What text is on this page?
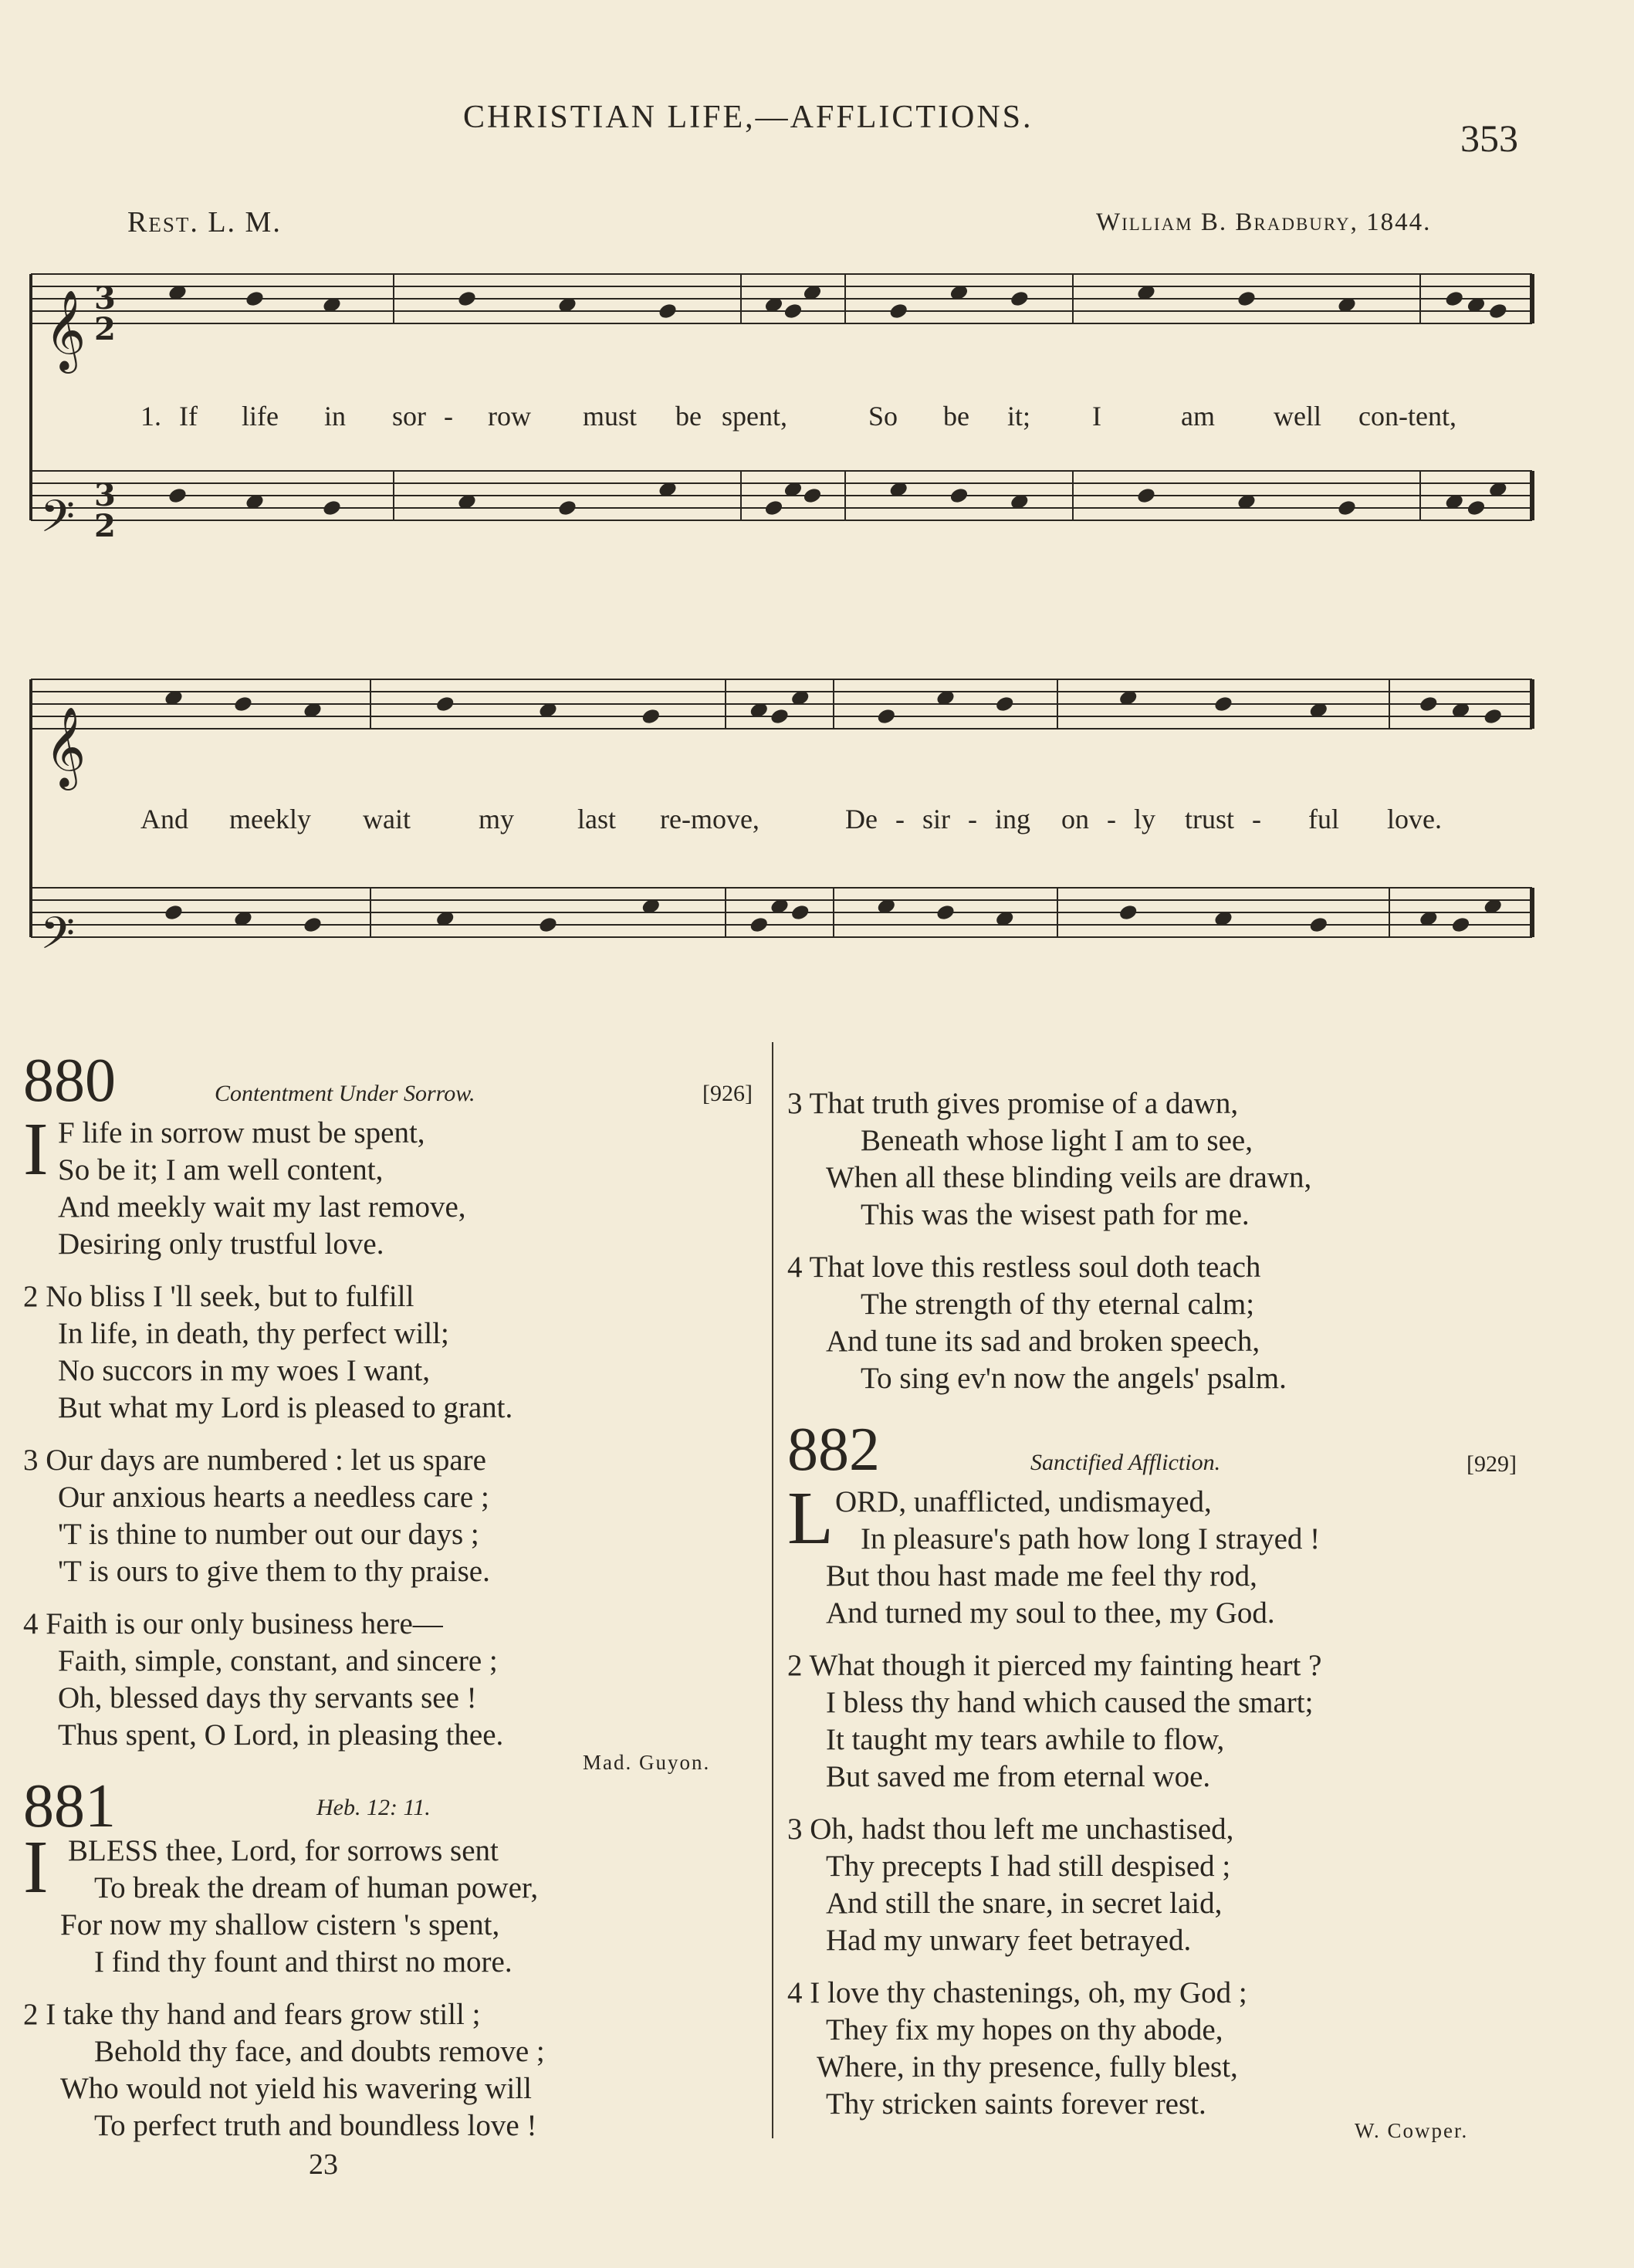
CHRISTIAN LIFE,—AFFLICTIONS.	353
Rest. L. M.	William B. Bradbury, 1844.
𝄞
𝄢
𝄞
𝄢
3
2
3
2
1. If life in sor - row must be spent,	So be it; I	am well con-tent,
And meekly wait my last re-move,	De - sir - ing on - ly trust - ful love.
880	Contentment Under Sorrow.	[926]
I F life in sorrow must be spent,
So be it; I am well content,
And meekly wait my last remove,
Desiring only trustful love.
2 No bliss I 'll seek, but to fulfill
In life, in death, thy perfect will;
No succors in my woes I want,
But what my Lord is pleased to grant.
3 Our days are numbered : let us spare
Our anxious hearts a needless care ;
'T is thine to number out our days ;
'T is ours to give them to thy praise.
4 Faith is our only business here—
Faith, simple, constant, and sincere ;
Oh, blessed days thy servants see !
Thus spent, O Lord, in pleasing thee.
Mad. Guyon.
881	Heb. 12: 11.
I BLESS thee, Lord, for sorrows sent
To break the dream of human power,
For now my shallow cistern 's spent,
I find thy fount and thirst no more.
2 I take thy hand and fears grow still ;
Behold thy face, and doubts remove ;
Who would not yield his wavering will
To perfect truth and boundless love !
23
3 That truth gives promise of a dawn,
Beneath whose light I am to see,
When all these blinding veils are drawn,
This was the wisest path for me.
4 That love this restless soul doth teach
The strength of thy eternal calm;
And tune its sad and broken speech,
To sing ev'n now the angels' psalm.
882	Sanctified Affliction.	[929]
L ORD, unafflicted, undismayed,
In pleasure's path how long I strayed !
But thou hast made me feel thy rod,
And turned my soul to thee, my God.
2 What though it pierced my fainting heart ?
I bless thy hand which caused the smart;
It taught my tears awhile to flow,
But saved me from eternal woe.
3 Oh, hadst thou left me unchastised,
Thy precepts I had still despised ;
And still the snare, in secret laid,
Had my unwary feet betrayed.
4 I love thy chastenings, oh, my God ;
They fix my hopes on thy abode,
Where, in thy presence, fully blest,
Thy stricken saints forever rest.
W. Cowper.
